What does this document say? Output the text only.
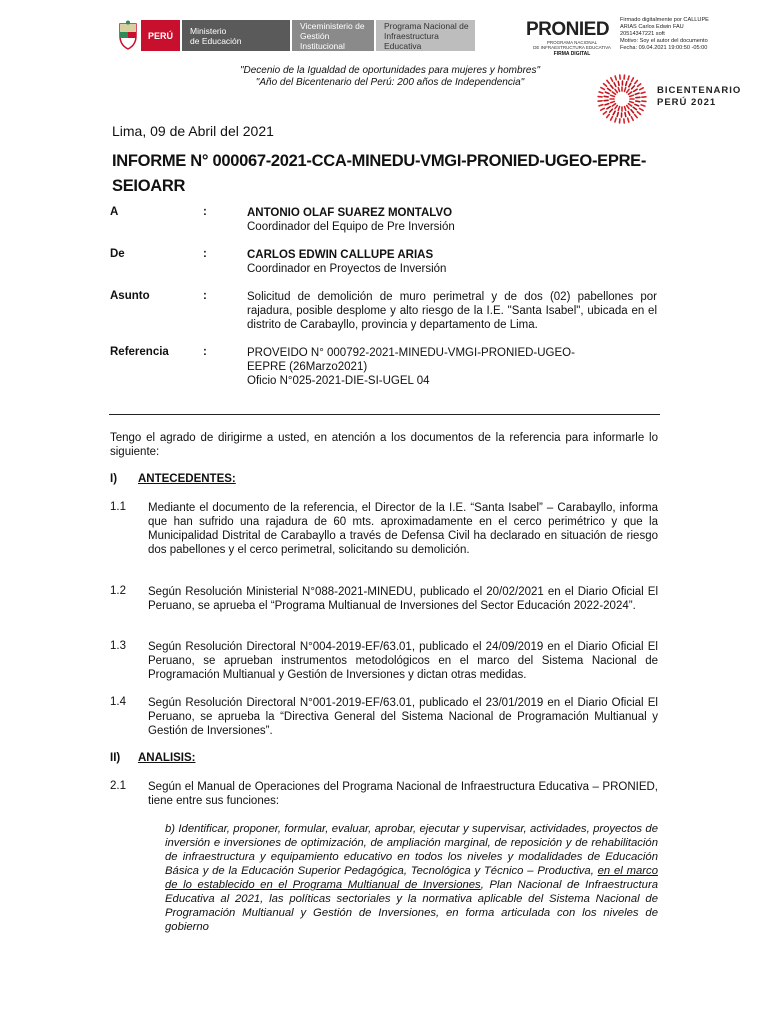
PERÚ Ministerio
de Educación
Viceministerio de
Gestión Institucional
Programa Nacional de
Infraestructura Educativa
PRONIED
PROGRAMA NACIONAL
DE INFRAESTRUCTURA EDUCATIVA
FIRMA DIGITAL
Firmado digitalmente por CALLUPE
ARIAS Carlos Edwin FAU
20514347221 soft
Motivo: Soy el autor del documento
Fecha: 09.04.2021 19:00:50 -05:00
"Decenio de la Igualdad de oportunidades para mujeres y hombres"
"Año del Bicentenario del Perú: 200 años de Independencia"
BICENTENARIO
PERÚ 2021
Lima, 09 de Abril del 2021
INFORME N° 000067-2021-CCA-MINEDU-VMGI-PRONIED-UGEO-EPRE-
SEIOARR
A	:	ANTONIO OLAF SUAREZ MONTALVO
Coordinador del Equipo de Pre Inversión
De	:	CARLOS EDWIN CALLUPE ARIAS
Coordinador en Proyectos de Inversión
Asunto	:	Solicitud de demolición de muro perimetral y de dos (02) pabellones por rajadura, posible desplome y alto riesgo de la I.E. "Santa Isabel", ubicada en el distrito de Carabayllo, provincia y departamento de Lima.
Referencia	:	PROVEIDO N° 000792-2021-MINEDU-VMGI-PRONIED-UGEO-
EEPRE (26Marzo2021)
Oficio N°025-2021-DIE-SI-UGEL 04
Tengo el agrado de dirigirme a usted, en atención a los documentos de la referencia para informarle lo siguiente:
I) ANTECEDENTES:
1.1 Mediante el documento de la referencia, el Director de la I.E. “Santa Isabel” – Carabayllo, informa que han sufrido una rajadura de 60 mts. aproximadamente en el cerco perimétrico y que la Municipalidad Distrital de Carabayllo a través de Defensa Civil ha declarado en situación de riesgo dos pabellones y el cerco perimetral, solicitando su demolición.
1.2 Según Resolución Ministerial N°088-2021-MINEDU, publicado el 20/02/2021 en el Diario Oficial El Peruano, se aprueba el “Programa Multianual de Inversiones del Sector Educación 2022-2024”.
1.3 Según Resolución Directoral N°004-2019-EF/63.01, publicado el 24/09/2019 en el Diario Oficial El Peruano, se aprueban instrumentos metodológicos en el marco del Sistema Nacional de Programación Multianual y Gestión de Inversiones y dictan otras medidas.
1.4 Según Resolución Directoral N°001-2019-EF/63.01, publicado el 23/01/2019 en el Diario Oficial El Peruano, se aprueba la “Directiva General del Sistema Nacional de Programación Multianual y Gestión de Inversiones”.
II) ANALISIS:
2.1 Según el Manual de Operaciones del Programa Nacional de Infraestructura Educativa – PRONIED, tiene entre sus funciones:
b) Identificar, proponer, formular, evaluar, aprobar, ejecutar y supervisar, actividades, proyectos de inversión e inversiones de optimización, de ampliación marginal, de reposición y de rehabilitación de infraestructura y equipamiento educativo en todos los niveles y modalidades de Educación Básica y de la Educación Superior Pedagógica, Tecnológica y Técnico – Productiva, en el marco de lo establecido en el Programa Multianual de Inversiones, Plan Nacional de Infraestructura Educativa al 2021, las políticas sectoriales y la normativa aplicable del Sistema Nacional de Programación Multianual y Gestión de Inversiones, en forma articulada con los niveles de gobierno
